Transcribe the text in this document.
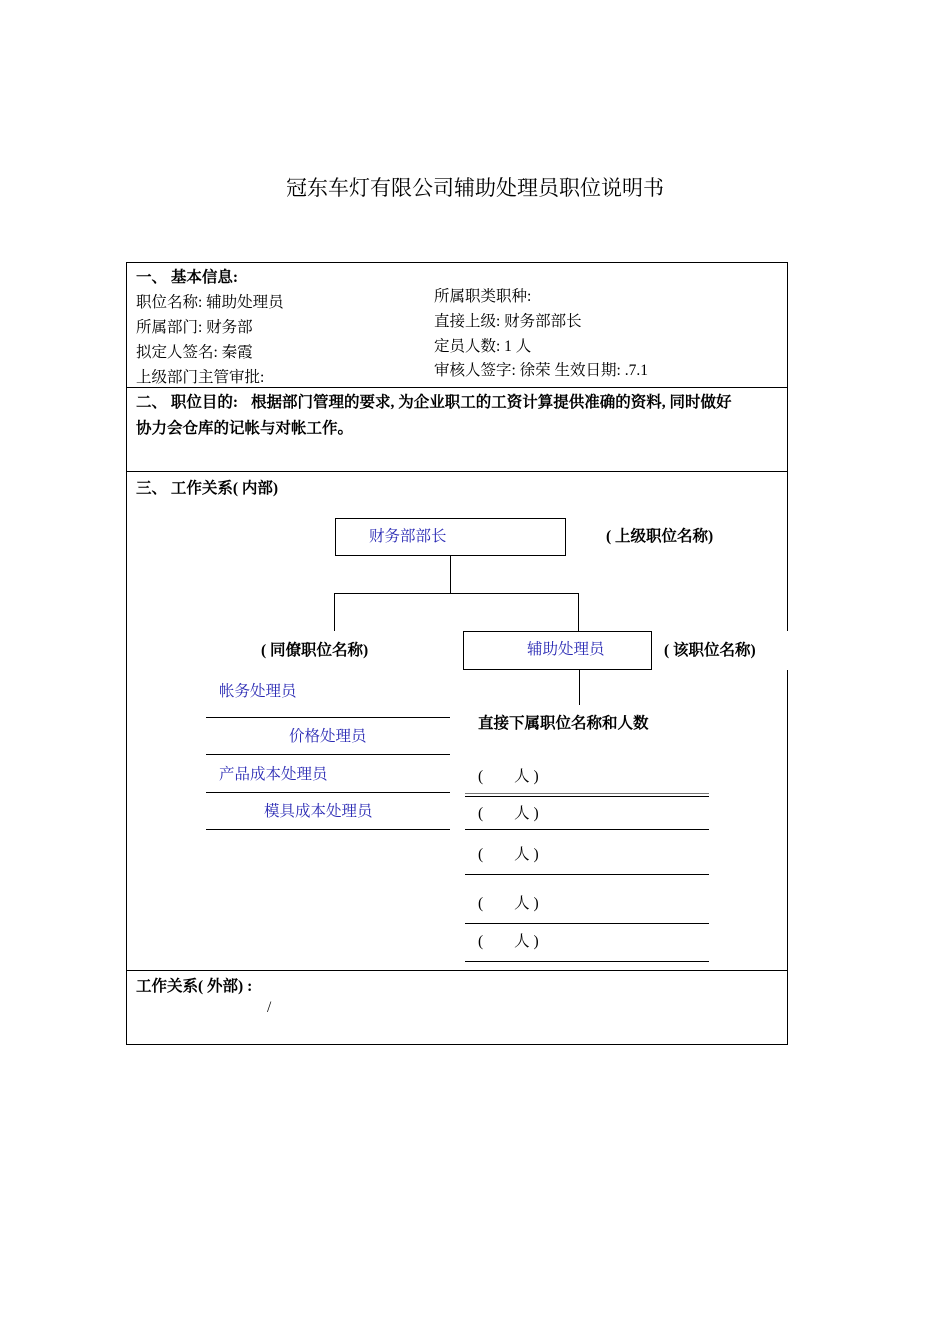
冠东车灯有限公司辅助处理员职位说明书
一、 基本信息:
职位名称: 辅助处理员
所属部门: 财务部
拟定人签名: 秦霞
上级部门主管审批:
所属职类职种:
直接上级: 财务部部长
定员人数: 1 人
审核人签字: 徐荣 生效日期: .7.1
二、 职位目的: 根据部门管理的要求, 为企业职工的工资计算提供准确的资料, 同时做好
协力会仓库的记帐与对帐工作。
三、 工作关系( 内部)
财务部部长	( 上级职位名称)
( 同僚职位名称)	辅助处理员	( 该职位名称)
帐务处理员
价格处理员
产品成本处理员
模具成本处理员
直接下属职位名称和人数
(        人 )
(        人 )
(        人 )
(        人 )
(        人 )
工作关系( 外部) :
/
